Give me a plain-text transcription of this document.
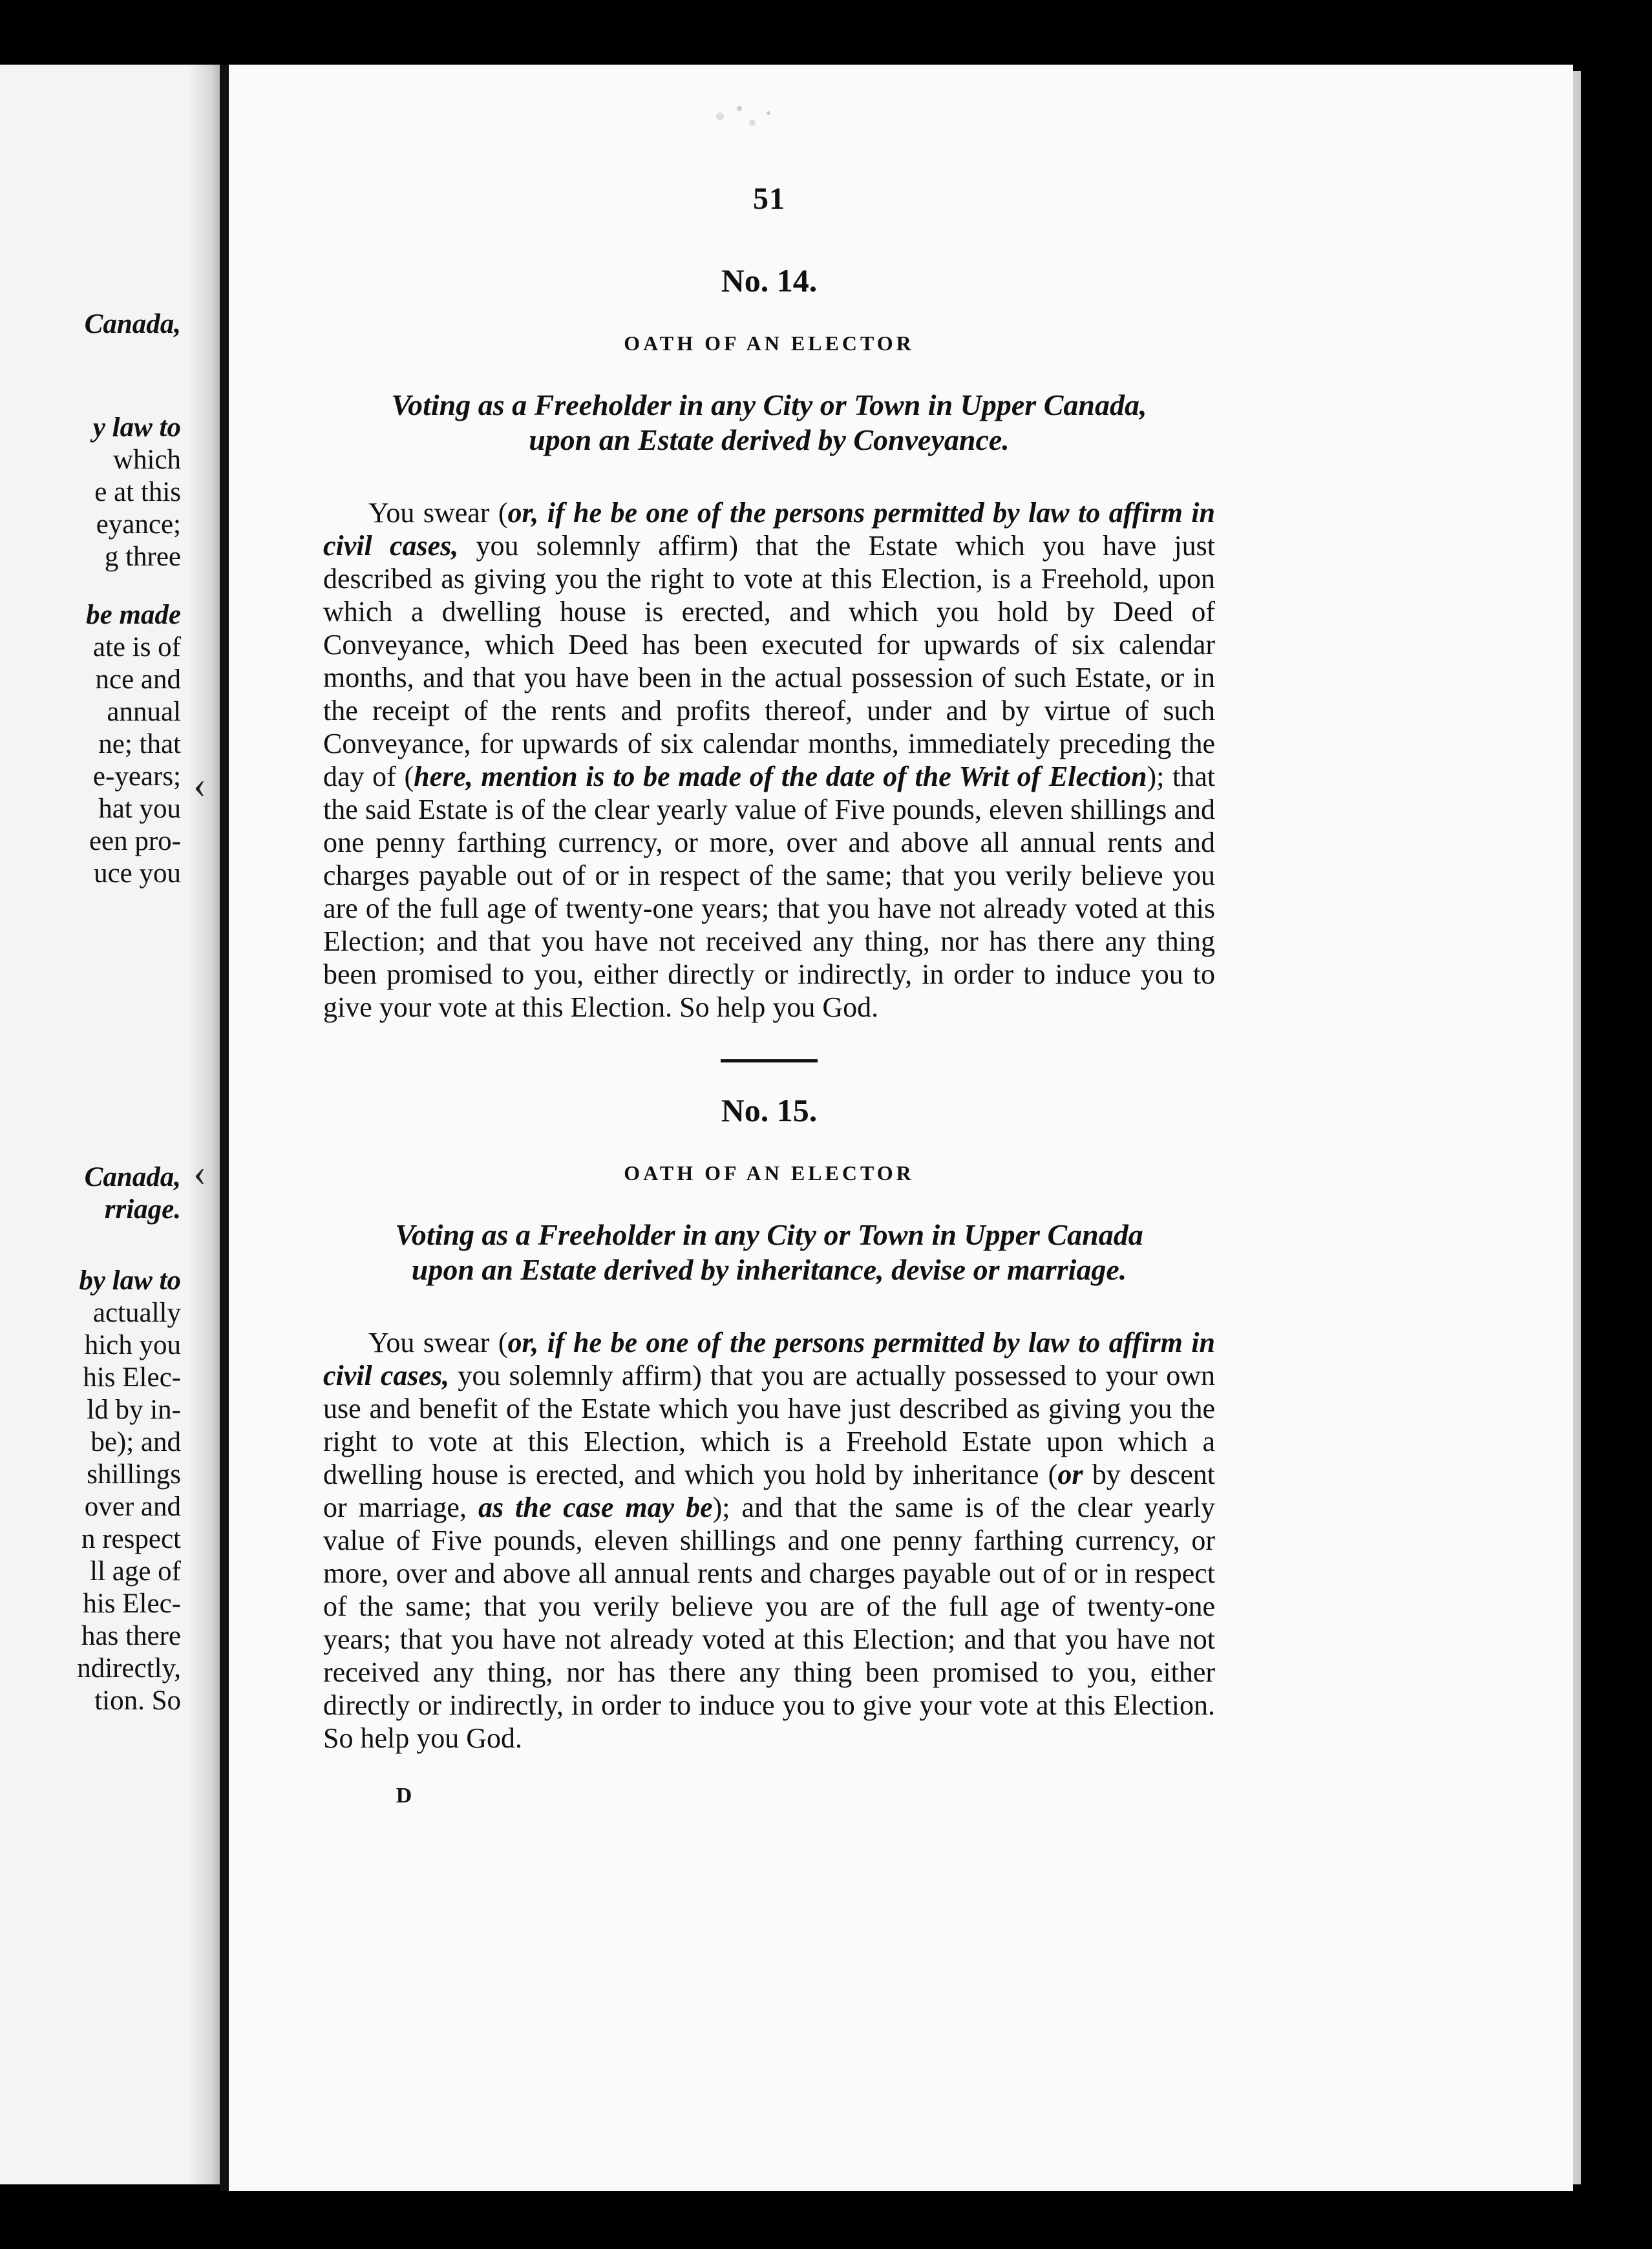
Canada,
y law to
which
e at this
eyance;
g three
be made
ate is of
nce and
annual
ne; that
e-years;
hat you
een pro-
uce you
Canada,
rriage.
by law to
actually
hich you
his Elec-
ld by in-
be); and
shillings
over and
n respect
ll age of
his Elec-
has there
ndirectly,
tion. So
‹
‹
51
No. 14.
OATH OF AN ELECTOR
Voting as a Freeholder in any City or Town in Upper Canada,
upon an Estate derived by Conveyance.

You swear (or, if he be one of the persons permitted by law to affirm in civil cases, you solemnly affirm) that the Estate which you have just described as giving you the right to vote at this Election, is a Freehold, upon which a dwelling house is erected, and which you hold by Deed of Conveyance, which Deed has been executed for upwards of six calendar months, and that you have been in the actual possession of such Estate, or in the receipt of the rents and profits thereof, under and by virtue of such Conveyance, for upwards of six calendar months, immediately preceding the day of (here, mention is to be made of the date of the Writ of Election); that the said Estate is of the clear yearly value of Five pounds, eleven shillings and one penny farthing currency, or more, over and above all annual rents and charges payable out of or in respect of the same; that you verily believe you are of the full age of twenty-one years; that you have not already voted at this Election; and that you have not received any thing, nor has there any thing been promised to you, either directly or indirectly, in order to induce you to give your vote at this Election. So help you God.

No. 15.
OATH OF AN ELECTOR
Voting as a Freeholder in any City or Town in Upper Canada
upon an Estate derived by inheritance, devise or marriage.

You swear (or, if he be one of the persons permitted by law to affirm in civil cases, you solemnly affirm) that you are actually possessed to your own use and benefit of the Estate which you have just described as giving you the right to vote at this Election, which is a Freehold Estate upon which a dwelling house is erected, and which you hold by inheritance (or by descent or marriage, as the case may be); and that the same is of the clear yearly value of Five pounds, eleven shillings and one penny farthing currency, or more, over and above all annual rents and charges payable out of or in respect of the same; that you verily believe you are of the full age of twenty-one years; that you have not already voted at this Election; and that you have not received any thing, nor has there any thing been promised to you, either directly or indirectly, in order to induce you to give your vote at this Election. So help you God.

D
